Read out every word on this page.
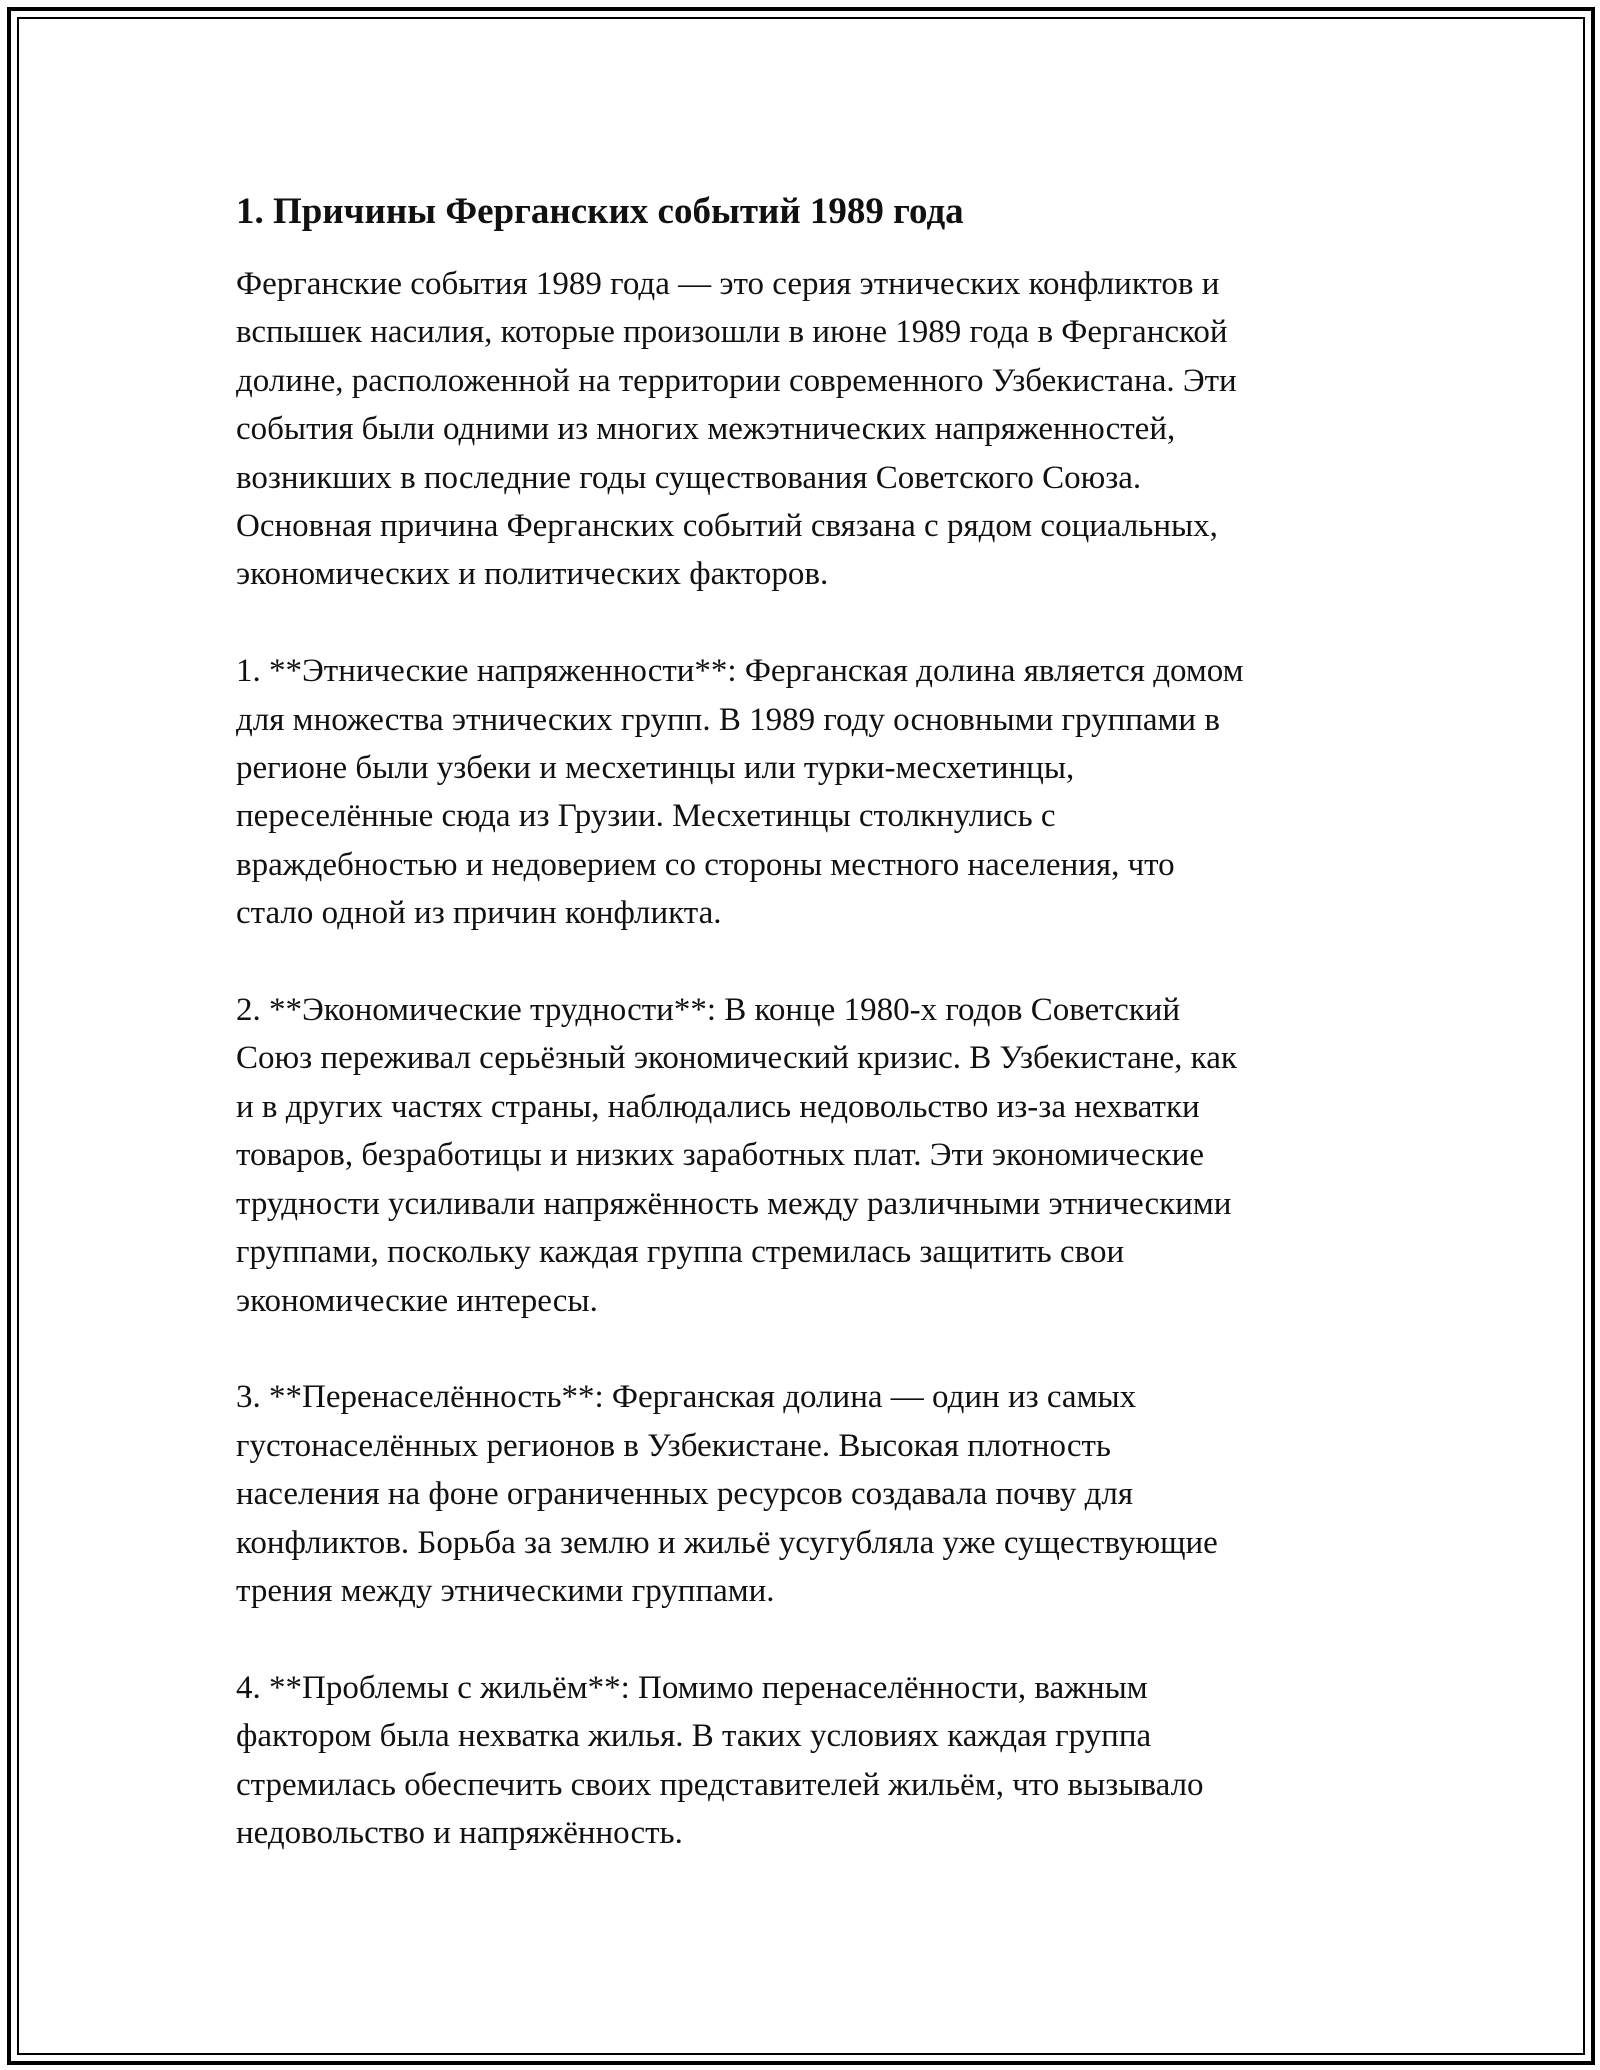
1. Причины Ферганских событий 1989 года
Ферганские события 1989 года — это серия этнических конфликтов и
вспышек насилия, которые произошли в июне 1989 года в Ферганской
долине, расположенной на территории современного Узбекистана. Эти
события были одними из многих межэтнических напряженностей,
возникших в последние годы существования Советского Союза.
Основная причина Ферганских событий связана с рядом социальных,
экономических и политических факторов.
1. **Этнические напряженности**: Ферганская долина является домом
для множества этнических групп. В 1989 году основными группами в
регионе были узбеки и месхетинцы или турки-месхетинцы,
переселённые сюда из Грузии. Месхетинцы столкнулись с
враждебностью и недоверием со стороны местного населения, что
стало одной из причин конфликта.
2. **Экономические трудности**: В конце 1980-х годов Советский
Союз переживал серьёзный экономический кризис. В Узбекистане, как
и в других частях страны, наблюдались недовольство из-за нехватки
товаров, безработицы и низких заработных плат. Эти экономические
трудности усиливали напряжённость между различными этническими
группами, поскольку каждая группа стремилась защитить свои
экономические интересы.
3. **Перенаселённость**: Ферганская долина — один из самых
густонаселённых регионов в Узбекистане. Высокая плотность
населения на фоне ограниченных ресурсов создавала почву для
конфликтов. Борьба за землю и жильё усугубляла уже существующие
трения между этническими группами.
4. **Проблемы с жильём**: Помимо перенаселённости, важным
фактором была нехватка жилья. В таких условиях каждая группа
стремилась обеспечить своих представителей жильём, что вызывало
недовольство и напряжённость.
